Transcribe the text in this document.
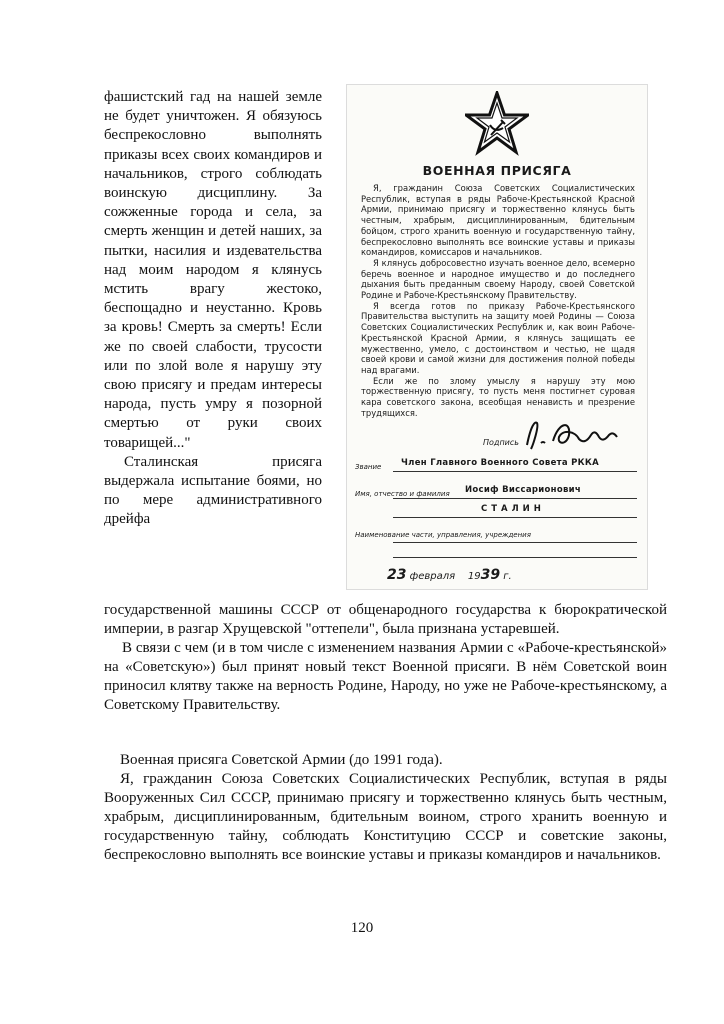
фашистский гад на нашей земле не будет уничтожен. Я обязуюсь беспрекословно выполнять приказы всех своих командиров и начальников, строго соблюдать воинскую дисциплину. За сожженные города и села, за смерть женщин и детей наших, за пытки, насилия и издевательства над моим народом я клянусь мстить врагу жестоко, беспощадно и неустанно. Кровь за кровь! Смерть за смерть! Если же по своей слабости, трусости или по злой воле я нарушу эту свою присягу и предам интересы народа, пусть умру я позорной смертью от руки своих товарищей..."

Сталинская присяга выдержала испытание боями, но по мере административного дрейфа

ВОЕННАЯ ПРИСЯГА

Я, гражданин Союза Советских Социалистических Республик, вступая в ряды Рабоче-Крестьянской Красной Армии, принимаю присягу и торжественно клянусь быть честным, храбрым, дисциплинированным, бдительным бойцом, строго хранить военную и государственную тайну, беспрекословно выполнять все воинские уставы и приказы командиров, комиссаров и начальников.

Я клянусь добросовестно изучать военное дело, всемерно беречь военное и народное имущество и до последнего дыхания быть преданным своему Народу, своей Советской Родине и Рабоче-Крестьянскому Правительству.

Я всегда готов по приказу Рабоче-Крестьянского Правительства выступить на защиту моей Родины — Союза Советских Социалистических Республик и, как воин Рабоче-Крестьянской Красной Армии, я клянусь защищать ее мужественно, умело, с достоинством и честью, не щадя своей крови и самой жизни для достижения полной победы над врагами.

Если же по злому умыслу я нарушу эту мою торжественную присягу, то пусть меня постигнет суровая кара советского закона, всеобщая ненависть и презрение трудящихся.

Подпись
Звание Член Главного Военного Совета РККА
Имя, отчество и фамилия Иосиф Виссарионович
СТАЛИН
Наименование части, управления, учреждения
23 февраля 1939 г.

государственной машины СССР от общенародного государства к бюрократической империи, в разгар Хрущевской "оттепели", была признана устаревшей.

В связи с чем (и в том числе с изменением названия Армии с «Рабоче-крестьянской» на «Советскую») был принят новый текст Военной присяги. В нём Советской воин приносил клятву также на верность Родине, Народу, но уже не Рабоче-крестьянскому, а Советскому Правительству.

Военная присяга Советской Армии (до 1991 года).
Я, гражданин Союза Советских Социалистических Республик, вступая в ряды Вооруженных Сил СССР, принимаю присягу и торжественно клянусь быть честным, храбрым, дисциплинированным, бдительным воином, строго хранить военную и государственную тайну, соблюдать Конституцию СССР и советские законы, беспрекословно выполнять все воинские уставы и приказы командиров и начальников.
120
